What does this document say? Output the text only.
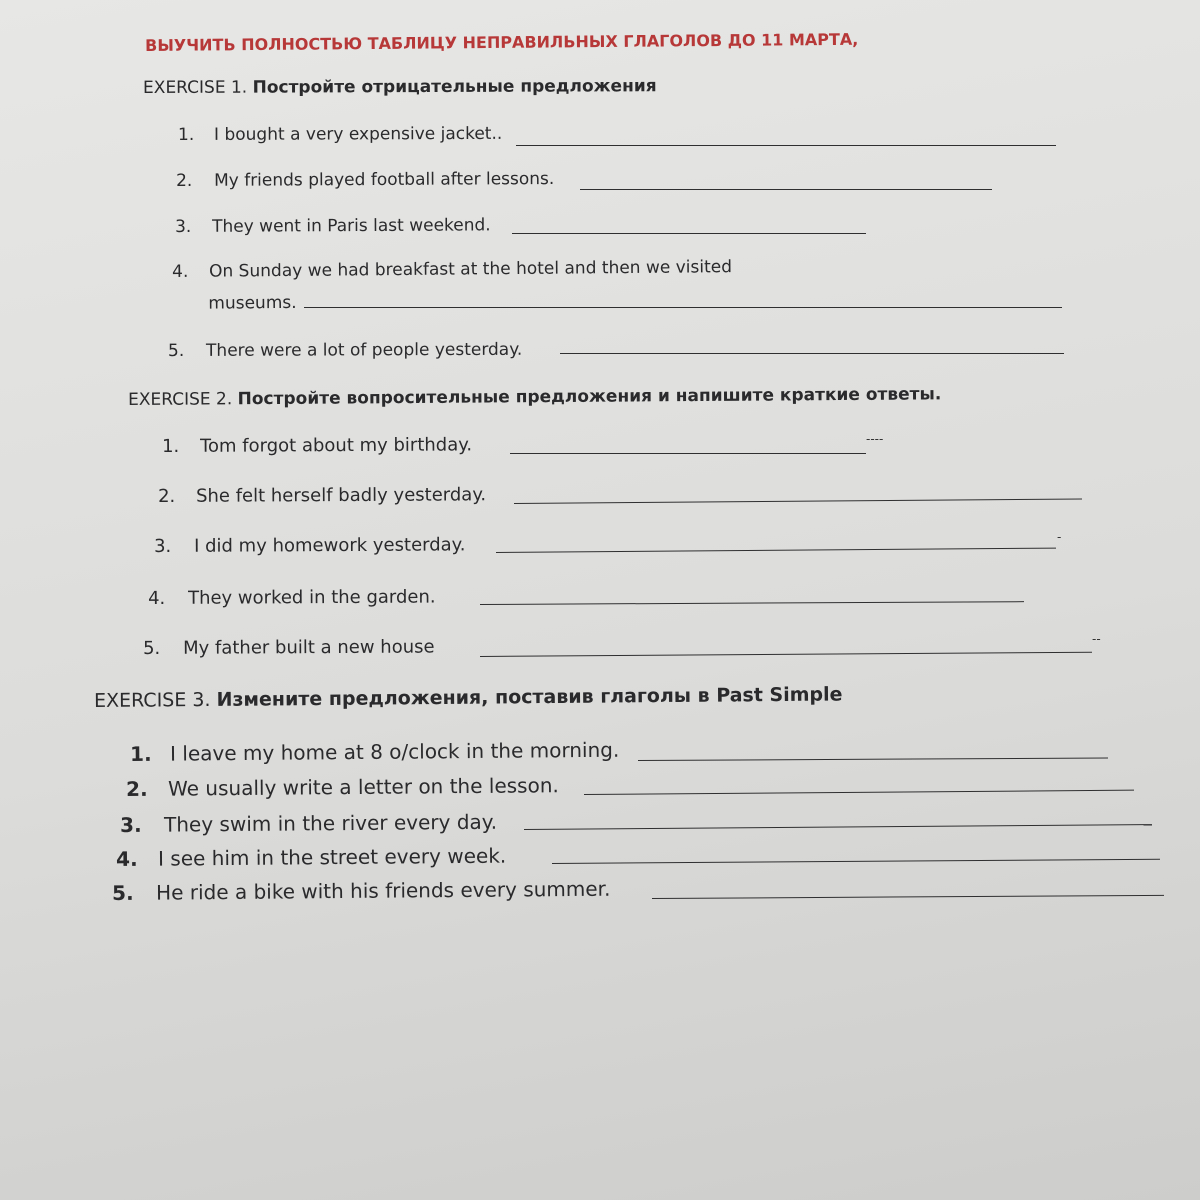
ВЫУЧИТЬ ПОЛНОСТЬЮ ТАБЛИЦУ НЕПРАВИЛЬНЫХ ГЛАГОЛОВ ДО 11 МАРТА,
EXERCISE 1. Постройте отрицательные предложения
1. I bought a very expensive jacket..
2. My friends played football after lessons.
3. They went in Paris last weekend.
4. On Sunday we had breakfast at the hotel and then we visited
museums.
5. There were a lot of people yesterday.
EXERCISE 2. Постройте вопросительные предложения и напишите краткие ответы.
1. Tom forgot about my birthday.	----
2. She felt herself badly yesterday.
3. I did my homework yesterday.	-
4. They worked in the garden.
5. My father built a new house	--
EXERCISE 3. Измените предложения, поставив глаголы в Past Simple
1. I leave my home at 8 o/clock in the morning.
2. We usually write a letter on the lesson.
3. They swim in the river every day.
4. I see him in the street every week.
5. He ride a bike with his friends every summer.
